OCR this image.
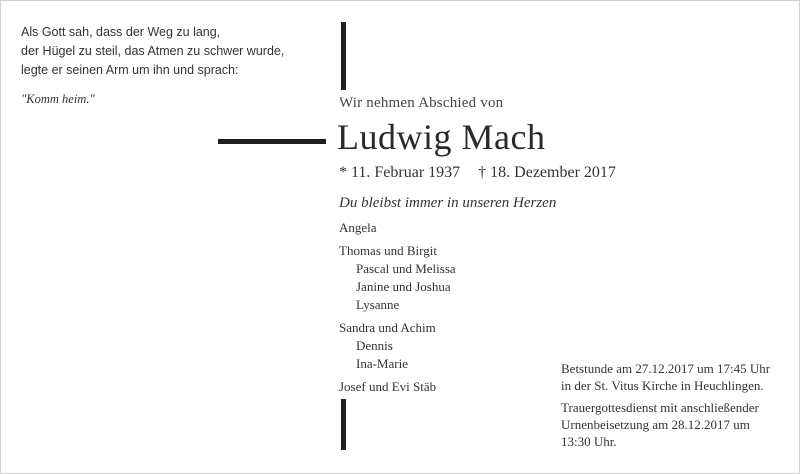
Als Gott sah, dass der Weg zu lang,
der Hügel zu steil, das Atmen zu schwer wurde,
legte er seinen Arm um ihn und sprach:
"Komm heim."	Wir nehmen Abschied von
Ludwig Mach
* 11. Februar 1937 † 18. Dezember 2017
Du bleibst immer in unseren Herzen
Angela
Thomas und Birgit
Pascal und Melissa
Janine und Joshua
Lysanne
Sandra und Achim
Dennis
Ina-Marie
Josef und Evi Stäb
Betstunde am 27.12.2017 um 17:45 Uhr
in der St. Vitus Kirche in Heuchlingen.
Trauergottesdienst mit anschließender
Urnenbeisetzung am 28.12.2017 um
13:30 Uhr.
